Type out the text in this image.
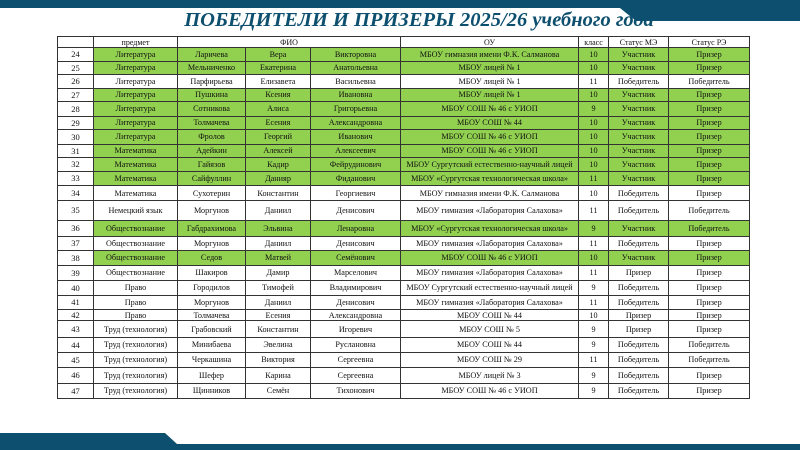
ПОБЕДИТЕЛИ И ПРИЗЕРЫ 2025/26 учебного года
	предмет	ФИО			ОУ	класс	Статус МЭ	Статус РЭ
24	Литература	Ларичева	Вера	Викторовна	МБОУ гимназия имени Ф.К. Салманова	10	Участник	Призер
25	Литература	Мельниченко	Екатерина	Анатольевна	МБОУ лицей № 1	10	Участник	Призер
26	Литература	Парфирьева	Елизавета	Васильевна	МБОУ лицей № 1	11	Победитель	Победитель
27	Литература	Пушкина	Ксения	Ивановна	МБОУ лицей № 1	10	Участник	Призер
28	Литература	Сотникова	Алиса	Григорьевна	МБОУ СОШ № 46 с УИОП	9	Участник	Призер
29	Литература	Толмачева	Есения	Александровна	МБОУ СОШ № 44	10	Участник	Призер
30	Литература	Фролов	Георгий	Иванович	МБОУ СОШ № 46 с УИОП	10	Участник	Призер
31	Математика	Адейкин	Алексей	Алексеевич	МБОУ СОШ № 46 с УИОП	10	Участник	Призер
32	Математика	Гайязов	Кадир	Фейрудинович	МБОУ Сургутский естественно-научный лицей	10	Участник	Призер
33	Математика	Сайфуллин	Данияр	Фиданович	МБОУ «Сургутская технологическая школа»	11	Участник	Призер
34	Математика	Сухотерин	Константин	Георгиевич	МБОУ гимназия имени Ф.К. Салманова	10	Победитель	Призер
35	Немецкий язык	Моргунов	Даниил	Денисович	МБОУ гимназия «Лаборатория Салахова»	11	Победитель	Победитель
36	Обществознание	Габдрахимова	Эльвина	Ленаровна	МБОУ «Сургутская технологическая школа»	9	Участник	Победитель
37	Обществознание	Моргунов	Даниил	Денисович	МБОУ гимназия «Лаборатория Салахова»	11	Победитель	Призер
38	Обществознание	Седов	Матвей	Семёнович	МБОУ СОШ № 46 с УИОП	10	Участник	Призер
39	Обществознание	Шакиров	Дамир	Марселович	МБОУ гимназия «Лаборатория Салахова»	11	Призер	Призер
40	Право	Городилов	Тимофей	Владимирович	МБОУ Сургутский естественно-научный лицей	9	Победитель	Призер
41	Право	Моргунов	Даниил	Денисович	МБОУ гимназия «Лаборатория Салахова»	11	Победитель	Призер
42	Право	Толмачева	Есения	Александровна	МБОУ СОШ № 44	10	Призер	Призер
43	Труд (технология)	Грабовский	Константин	Игоревич	МБОУ СОШ № 5	9	Призер	Призер
44	Труд (технология)	Минибаева	Эвелина	Руслановна	МБОУ СОШ № 44	9	Победитель	Победитель
45	Труд (технология)	Черкашина	Виктория	Сергеевна	МБОУ СОШ № 29	11	Победитель	Победитель
46	Труд (технология)	Шефер	Карина	Сергеевна	МБОУ лицей № 3	9	Победитель	Призер
47	Труд (технология)	Щинников	Семён	Тихонович	МБОУ СОШ № 46 с УИОП	9	Победитель	Призер
